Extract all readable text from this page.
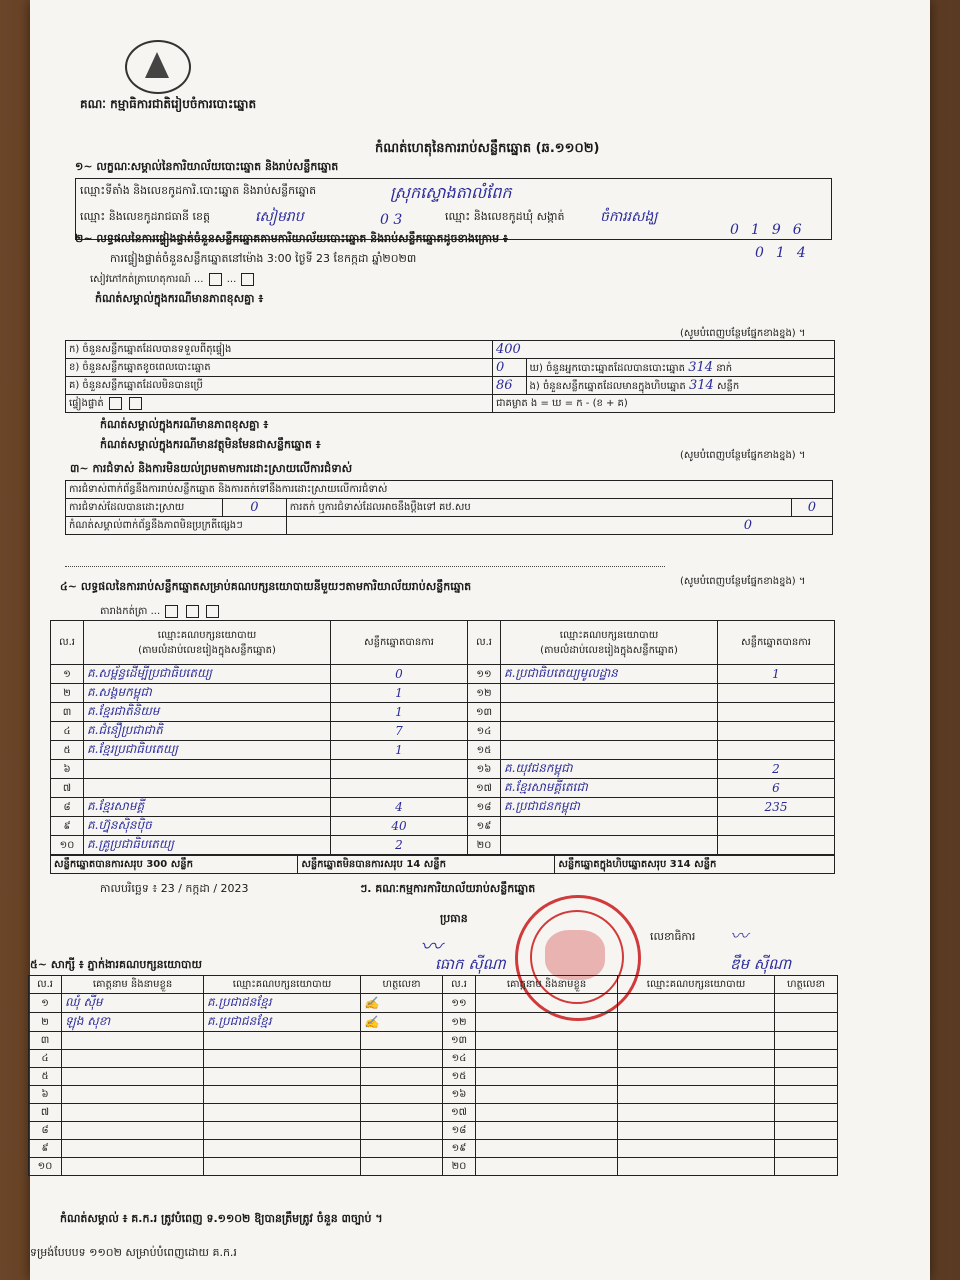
គណៈ កម្មាធិការជាតិរៀបចំការបោះឆ្នោត
កំណត់ហេតុនៃការរាប់សន្លឹកឆ្នោត (ឆ.១១០២)
១~ លក្ខណៈសម្គាល់នៃការិយាល័យបោះឆ្នោត និងរាប់សន្លឹកឆ្នោត
ឈ្មោះទីតាំង និងលេខកូដការិ.បោះឆ្នោត និងរាប់សន្លឹកឆ្នោត	ស្រុកស្ទោងតាលំពែក
ឈ្មោះ និងលេខកូដរាជធានី ខេត្ត	សៀមរាប	0 3	ឈ្មោះ និងលេខកូដឃុំ សង្កាត់	ចំការរសង្ឃ
0196
014
២~ លទ្ធផលនៃការផ្ទៀងផ្ទាត់ចំនួនសន្លឹកឆ្នោតតាមការិយាល័យបោះឆ្នោត និងរាប់សន្លឹកឆ្នោតដូចខាងក្រោម ៖
ការផ្ទៀងផ្ទាត់ចំនួនសន្លឹកឆ្នោតនៅម៉ោង 3:00 ថ្ងៃទី 23 ខែកក្កដា ឆ្នាំ២០២៣
សៀវភៅកត់ត្រាហេតុការណ៍ ...  ...
កំណត់សម្គាល់ក្នុងករណីមានភាពខុសគ្នា ៖
(សូមបំពេញបន្ថែមផ្នែកខាងខ្នង) ។
ក) ចំនួនសន្លឹកឆ្នោតដែលបានទទួលពីតុផ្ទៀង	400	
ខ) ចំនួនសន្លឹកឆ្នោតខូចពេលបោះឆ្នោត	0	ឃ) ចំនួនអ្នកបោះឆ្នោតដែលបានបោះឆ្នោត 314 នាក់
គ) ចំនួនសន្លឹកឆ្នោតដែលមិនបានប្រើ	86	ង) ចំនួនសន្លឹកឆ្នោតដែលមានក្នុងហិបឆ្នោត 314 សន្លឹក
ផ្ទៀងផ្ទាត់	ជាគម្លាត ង = ឃ = ក - (ខ + គ)	
កំណត់សម្គាល់ក្នុងករណីមានភាពខុសគ្នា ៖
កំណត់សម្គាល់ក្នុងករណីមានវត្ថុមិនមែនជាសន្លឹកឆ្នោត ៖
(សូមបំពេញបន្ថែមផ្នែកខាងខ្នង) ។
៣~ ការជំទាស់ និងការមិនយល់ព្រមតាមការដោះស្រាយលើការជំទាស់
ការជំទាស់ពាក់ព័ន្ធនឹងការរាប់សន្លឹកឆ្នោត និងការតក់ទៅនឹងការដោះស្រាយលើការជំទាស់			
ការជំទាស់ដែលបានដោះស្រាយ	0	ការតក់ ឬការជំទាស់ដែលអាចនឹងប្តឹងទៅ គឋ.សប	0
កំណត់សម្គាល់ពាក់ព័ន្ធនឹងភាពមិនប្រក្រតីផ្សេងៗ		0	
(សូមបំពេញបន្ថែមផ្នែកខាងខ្នង) ។
៤~ លទ្ធផលនៃការរាប់សន្លឹកឆ្នោតសម្រាប់គណបក្សនយោបាយនីមួយៗតាមការិយាល័យរាប់សន្លឹកឆ្នោត
តារាងកត់ត្រា ...
ល.រ	ឈ្មោះគណបក្សនយោបាយ
(តាមលំដាប់លេខរៀងក្នុងសន្លឹកឆ្នោត)	សន្លឹកឆ្នោតបានការ	ល.រ	ឈ្មោះគណបក្សនយោបាយ
(តាមលំដាប់លេខរៀងក្នុងសន្លឹកឆ្នោត)	សន្លឹកឆ្នោតបានការ
១	គ.សម្ព័ន្ធដើម្បីប្រជាធិបតេយ្យ	0	១១	គ.ប្រជាធិបតេយ្យមូលដ្ឋាន	1
២	គ.សង្គមកម្ពុជា	1	១២		
៣	គ.ខ្មែរជាតិនិយម	1	១៣		
៤	គ.ជំនឿប្រជាជាតិ	7	១៤		
៥	គ.ខ្មែរប្រជាធិបតេយ្យ	1	១៥		
៦			១៦	គ.យុវជនកម្ពុជា	2
៧			១៧	គ.ខ្មែរសាមគ្គីតេជោ	6
៨	គ.ខ្មែរសាមគ្គី	4	១៨	គ.ប្រជាជនកម្ពុជា	235
៩	គ.ហ្វ៊ុនស៊ិនប៉ិច	40	១៩		
១០	គ.គ្រូប្រជាធិបតេយ្យ	2	២០		
សន្លឹកឆ្នោតបានការសរុប 300 សន្លឹក	សន្លឹកឆ្នោតមិនបានការសរុប 14 សន្លឹក	សន្លឹកឆ្នោតក្នុងហិបឆ្នោតសរុប 314 សន្លឹក
កាលបរិច្ឆេទ ៖ 23 / កក្កដា / 2023	ៗ. គណៈកម្មការការិយាល័យរាប់សន្លឹកឆ្នោត
ប្រធាន
លេខាធិការ
〰
ធោក ស៊ីណា
〰
ឌឹម ស៊ីណា
៥~ សាក្សី ៖ ភ្នាក់ងារគណបក្សនយោបាយ
ល.រ	គោត្តនាម និងនាមខ្លួន	ឈ្មោះគណបក្សនយោបាយ	ហត្ថលេខា	ល.រ	គោត្តនាម និងនាមខ្លួន	ឈ្មោះគណបក្សនយោបាយ	ហត្ថលេខា
១	ឈុំ ស៊ីម	គ.ប្រជាជនខ្មែរ	✍	១១			
២	ឡុង សុខា	គ.ប្រជាជនខ្មែរ	✍	១២			
៣				១៣			
៤				១៤			
៥				១៥			
៦				១៦			
៧				១៧			
៨				១៨			
៩				១៩			
១០				២០			
កំណត់សម្គាល់ ៖ គ.ក.រ ត្រូវបំពេញ ទ.១១០២ ឱ្យបានត្រឹមត្រូវ ចំនួន ៣ច្បាប់ ។
ទម្រង់បែបបទ ១១០២ សម្រាប់បំពេញដោយ គ.ក.រ
